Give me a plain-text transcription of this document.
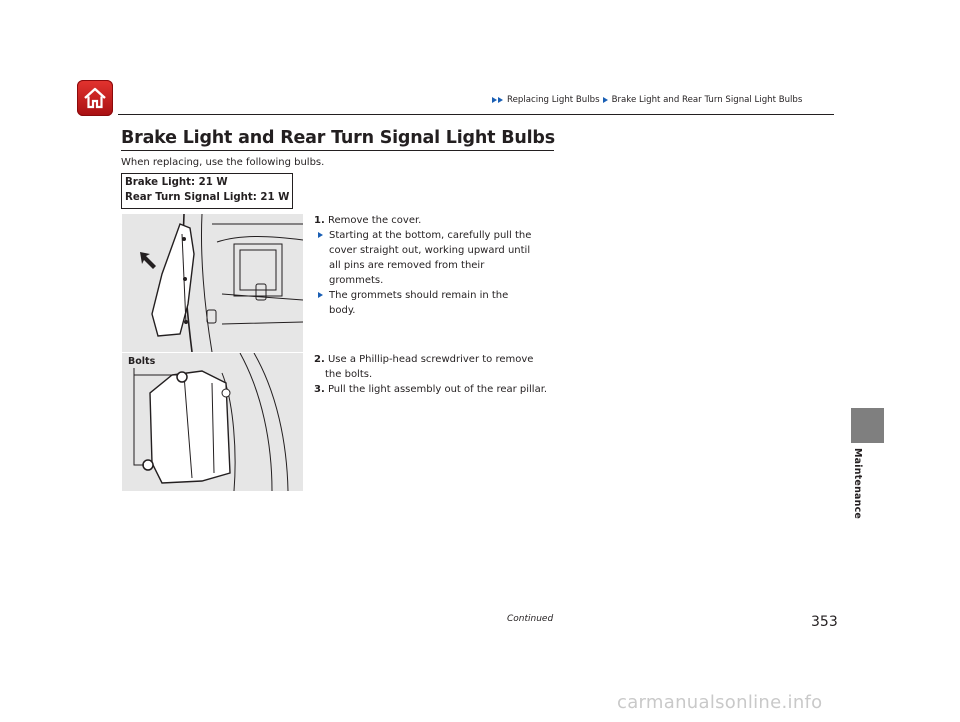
Replacing Light Bulbs Brake Light and Rear Turn Signal Light Bulbs
Brake Light and Rear Turn Signal Light Bulbs
When replacing, use the following bulbs.
Brake Light: 21 W
Rear Turn Signal Light: 21 W
1. Remove the cover.
Starting at the bottom, carefully pull the
cover straight out, working upward until
all pins are removed from their
grommets.
The grommets should remain in the
body.
2. Use a Phillip-head screwdriver to remove
the bolts.
3. Pull the light assembly out of the rear pillar.
Bolts
Maintenance
Continued	353
carmanualsonline.info
